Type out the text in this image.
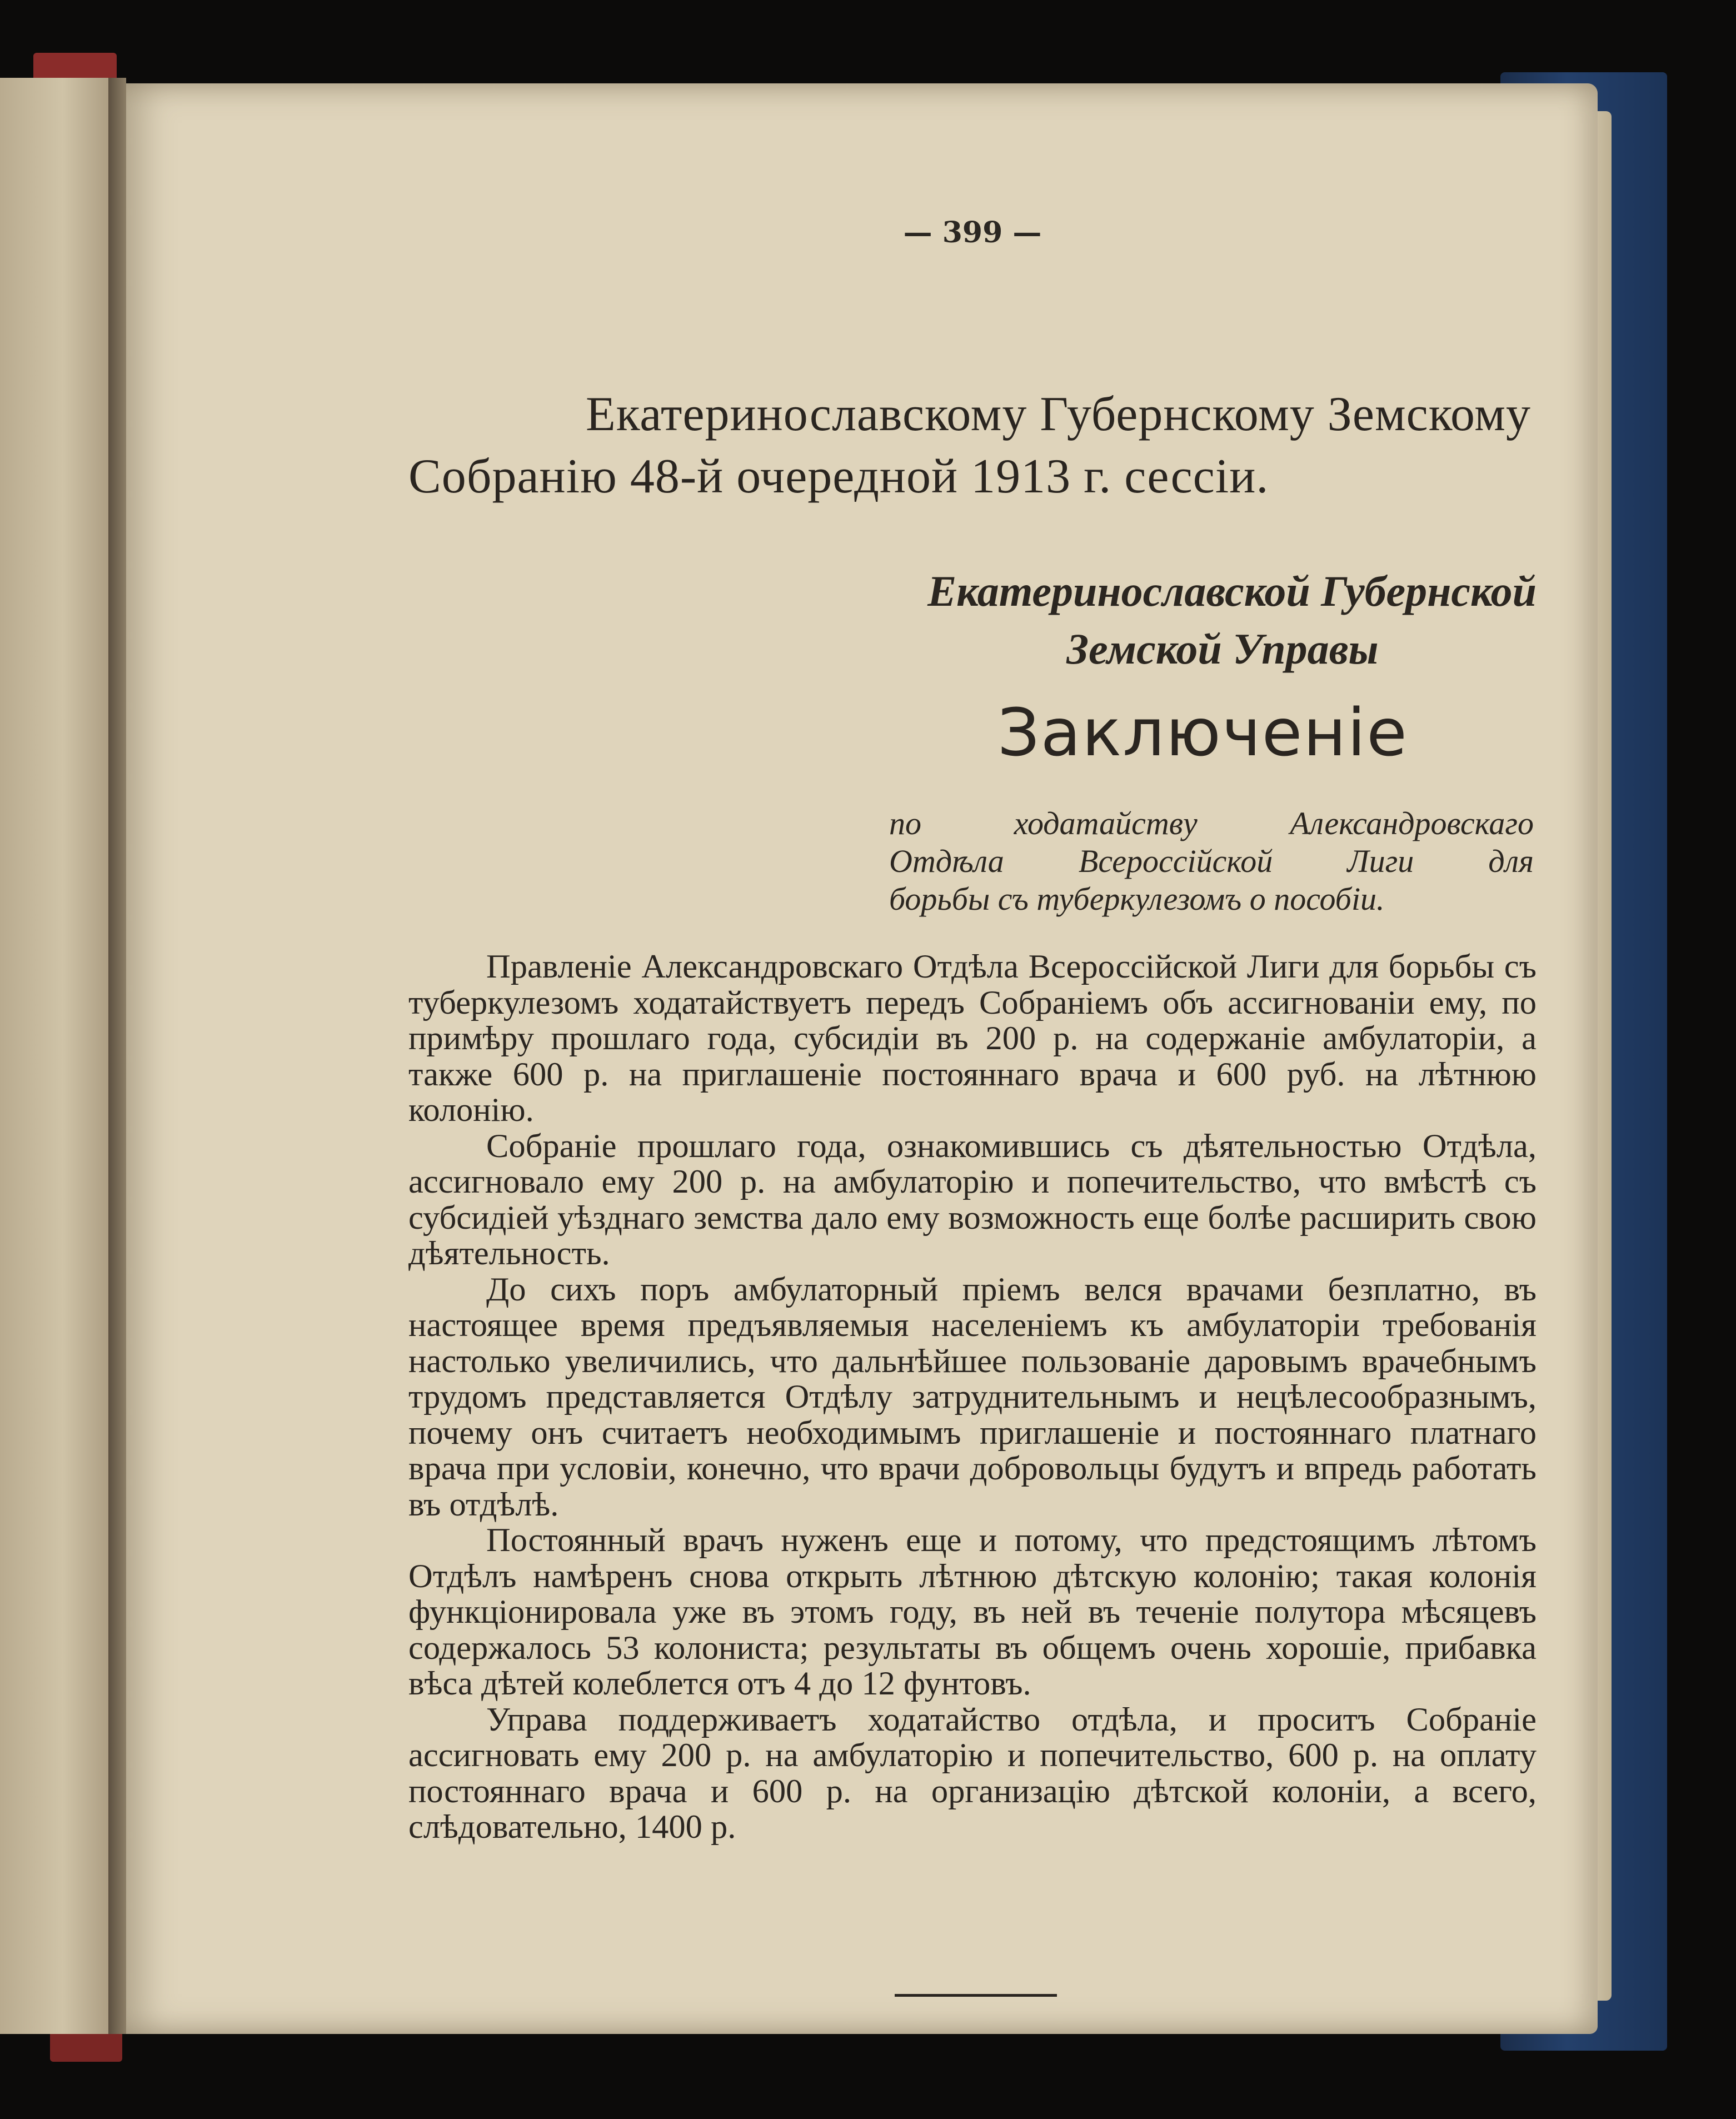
— 399 —
Екатеринославскому Губернскому Земскому
Собранію 48-й очередной 1913 г. сессіи.
Екатеринославской Губернской
Земской Управы
Заключеніе
по ходатайству Александровскаго
Отдѣла Всероссійской Лиги для
борьбы съ туберкулезомъ о пособіи.

Правленіе Александровскаго Отдѣла Всероссійской Лиги для борьбы съ туберкулезомъ ходатайствуетъ передъ Собраніемъ объ ассигнованіи ему, по примѣру прошлаго года, субсидіи въ 200 р. на содержаніе амбулаторіи, а также 600 р. на приглашеніе постояннаго врача и 600 руб. на лѣтнюю колонію.

Собраніе прошлаго года, ознакомившись съ дѣятельностью Отдѣла, ассигновало ему 200 р. на амбулаторію и попечительство, что вмѣстѣ съ субсидіей уѣзднаго земства дало ему возможность еще болѣе расширить свою дѣятельность.

До сихъ поръ амбулаторный пріемъ велся врачами безплатно, въ настоящее время предъявляемыя населеніемъ къ амбулаторіи требованія настолько увеличились, что дальнѣйшее пользованіе даровымъ врачебнымъ трудомъ представляется Отдѣлу затруднительнымъ и нецѣлесообразнымъ, почему онъ считаетъ необходимымъ приглашеніе и постояннаго платнаго врача при условіи, конечно, что врачи добровольцы будутъ и впредь работать въ отдѣлѣ.

Постоянный врачъ нуженъ еще и потому, что предстоящимъ лѣтомъ Отдѣлъ намѣренъ снова открыть лѣтнюю дѣтскую колонію; такая колонія функціонировала уже въ этомъ году, въ ней въ теченіе полутора мѣсяцевъ содержалось 53 колониста; результаты въ общемъ очень хорошіе, прибавка вѣса дѣтей колеблется отъ 4 до 12 фунтовъ.

Управа поддерживаетъ ходатайство отдѣла, и проситъ Собраніе ассигновать ему 200 р. на амбулаторію и попечительство, 600 р. на оплату постояннаго врача и 600 р. на организацію дѣтской колоніи, а всего, слѣдовательно, 1400 р.
